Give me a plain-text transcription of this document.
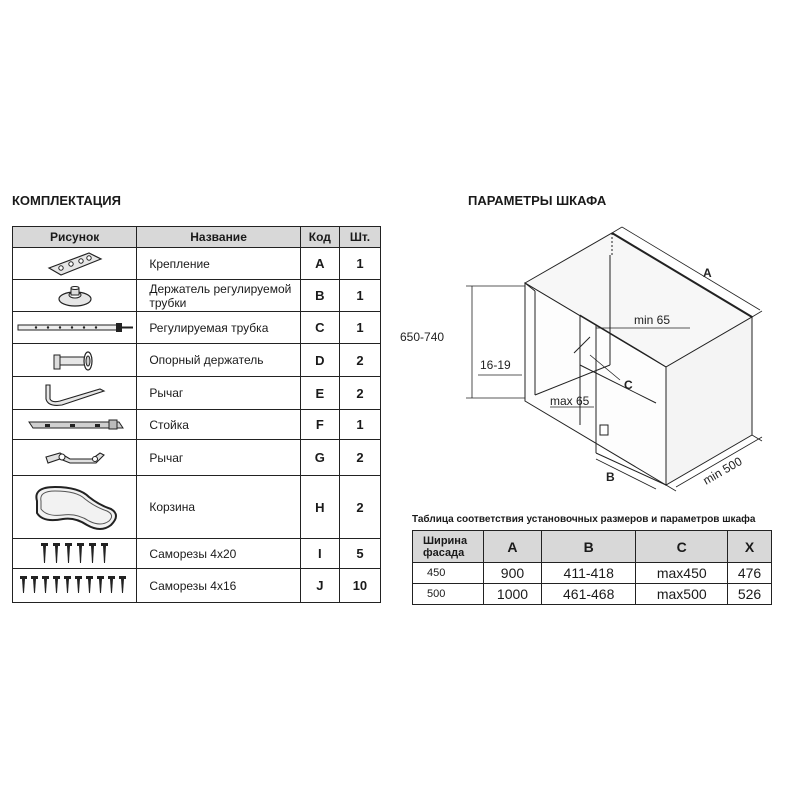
КОМПЛЕКТАЦИЯ	ПАРАМЕТРЫ ШКАФА
Рисунок	Название	Код	Шт.

	Крепление	A	1

	Держатель регулируемой трубки	B	1

	Регулируемая трубка	C	1

	Опорный держатель	D	2

	Рычаг	E	2

	Стойка	F	1

	Рычаг	G	2

	Корзина	H	2

	Саморезы 4х20	I	5

	Саморезы 4х16	J	10
A
650-740
16-19
min 65
C
max 65
B	min 500
Таблица соответствия установочных размеров и параметров шкафа
Ширина фасада	A	B	C	X
450	900	411-418	max450	476
500	1000	461-468	max500	526
